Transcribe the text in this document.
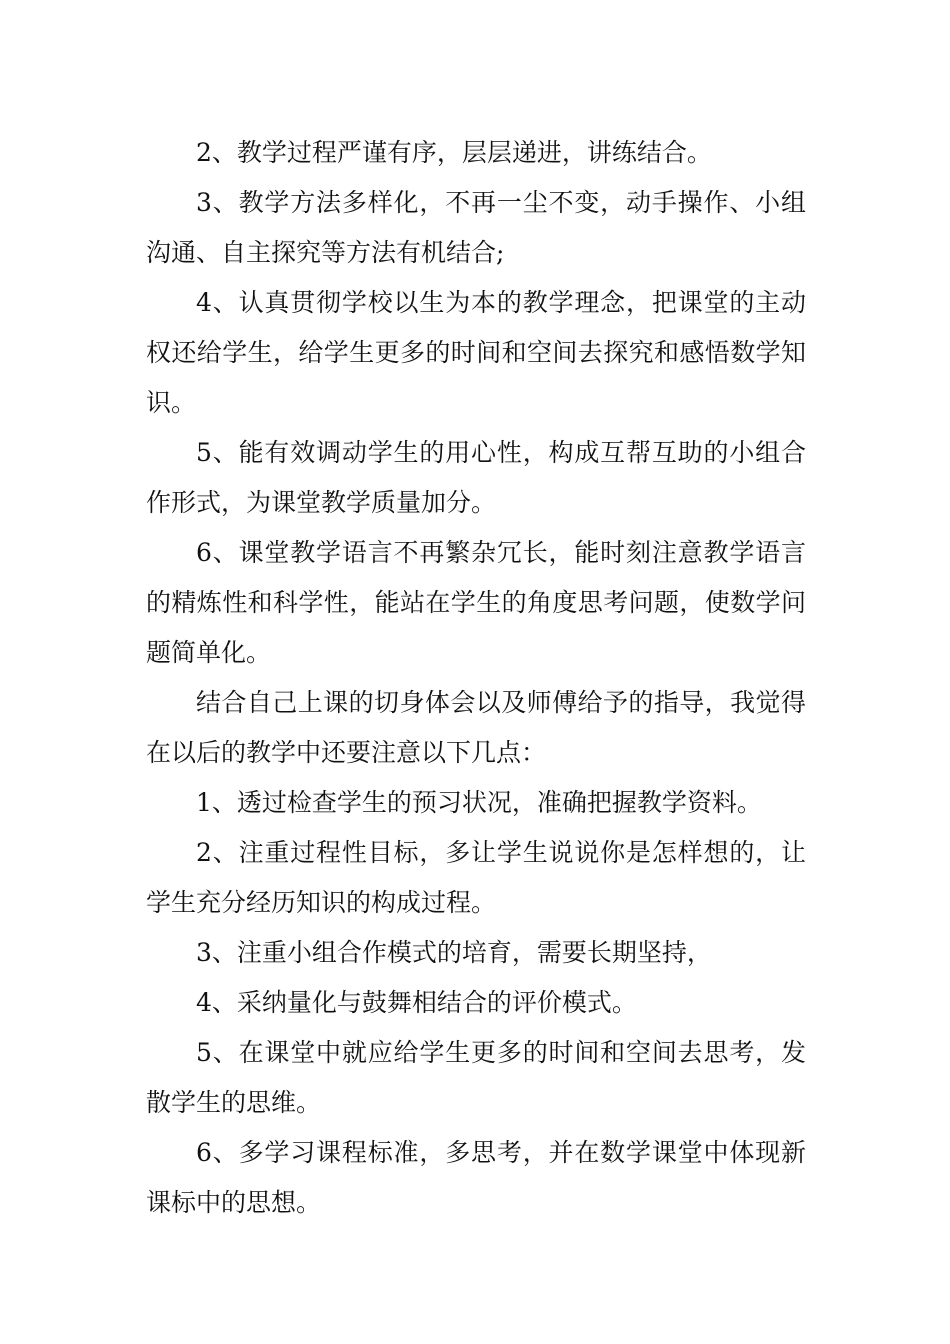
2、教学过程严谨有序，层层递进，讲练结合。

3、教学方法多样化，不再一尘不变，动手操作、小组沟通、自主探究等方法有机结合;

4、认真贯彻学校以生为本的教学理念，把课堂的主动权还给学生，给学生更多的时间和空间去探究和感悟数学知识。

5、能有效调动学生的用心性，构成互帮互助的小组合作形式，为课堂教学质量加分。

6、课堂教学语言不再繁杂冗长，能时刻注意教学语言的精炼性和科学性，能站在学生的角度思考问题，使数学问题简单化。

结合自己上课的切身体会以及师傅给予的指导，我觉得在以后的教学中还要注意以下几点：

1、透过检查学生的预习状况，准确把握教学资料。

2、注重过程性目标，多让学生说说你是怎样想的，让学生充分经历知识的构成过程。

3、注重小组合作模式的培育，需要长期坚持，

4、采纳量化与鼓舞相结合的评价模式。

5、在课堂中就应给学生更多的时间和空间去思考，发散学生的思维。

6、多学习课程标准，多思考，并在数学课堂中体现新课标中的思想。
